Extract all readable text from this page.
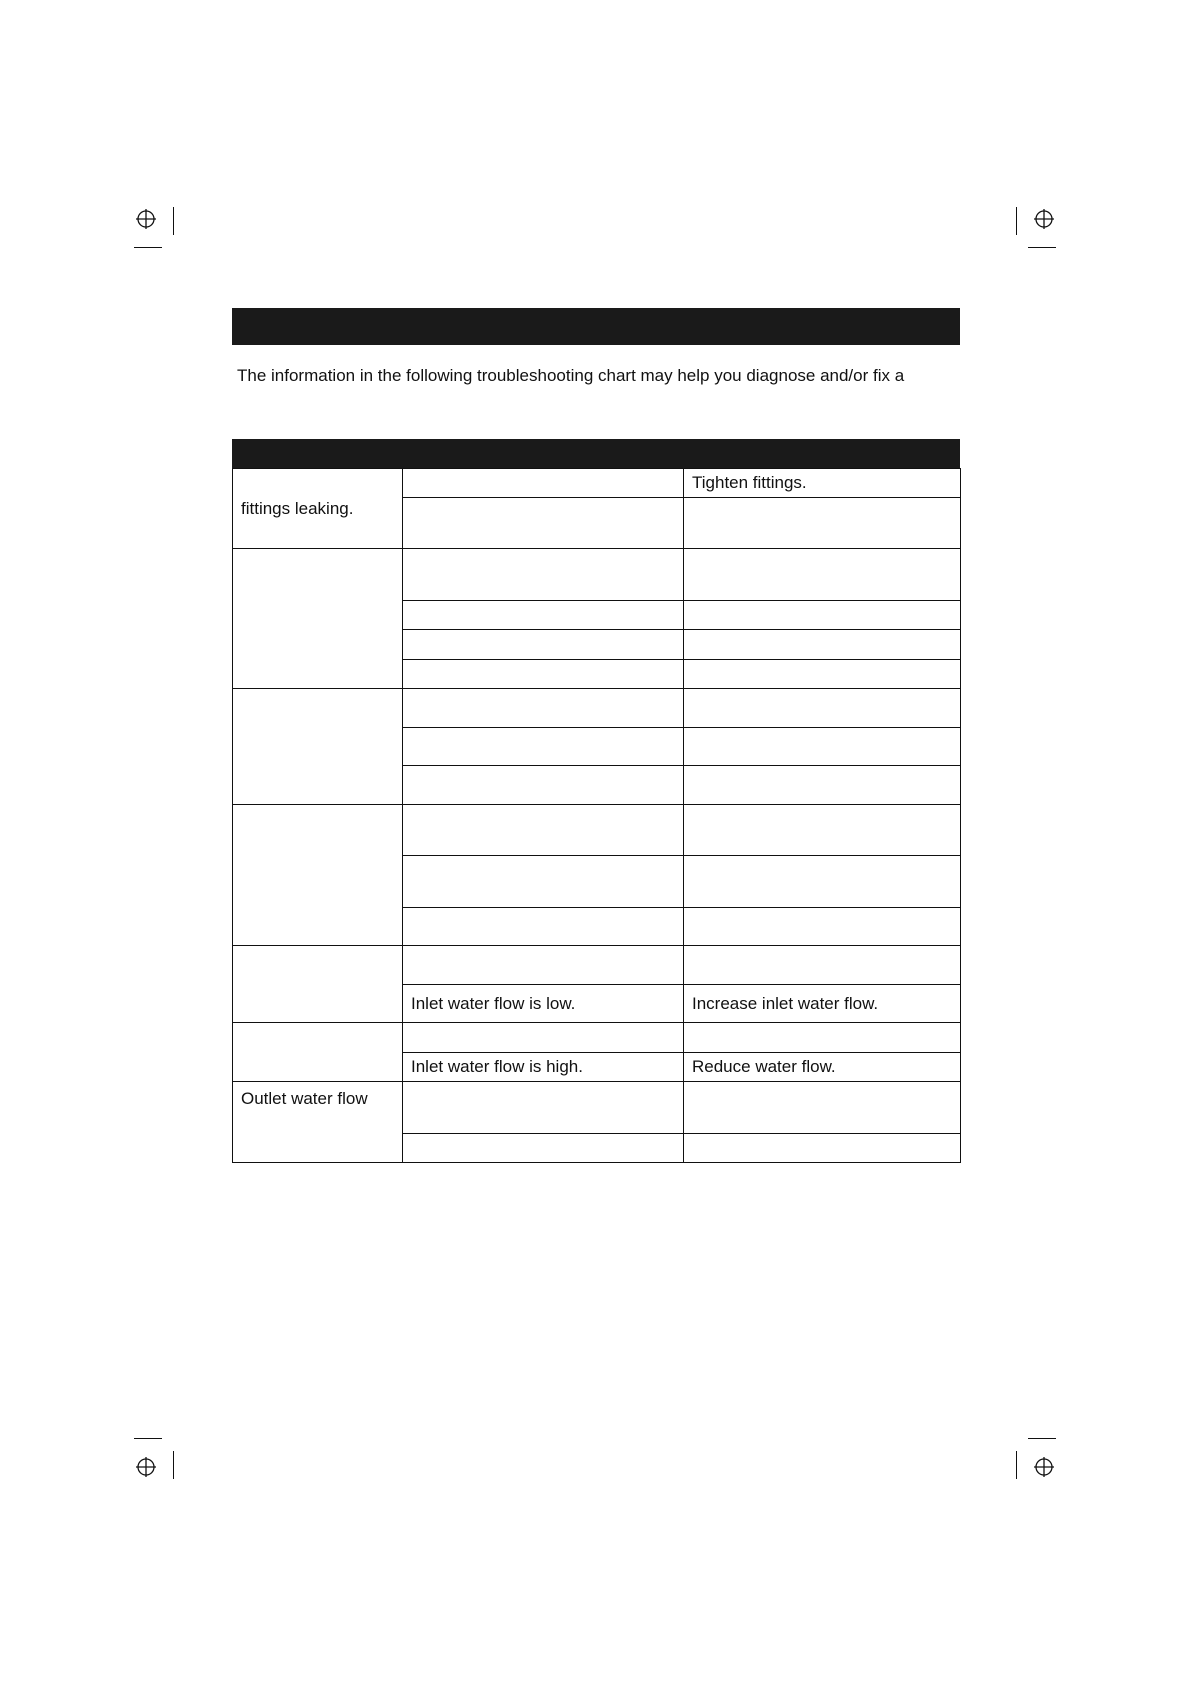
The information in the following troubleshooting chart may help you diagnose and/or fix a
fittings leaking.		Tighten fittings.

	Inlet water flow is low.	Increase inlet water flow.

	Inlet water flow is high.	Reduce water flow.
Outlet water flow		
